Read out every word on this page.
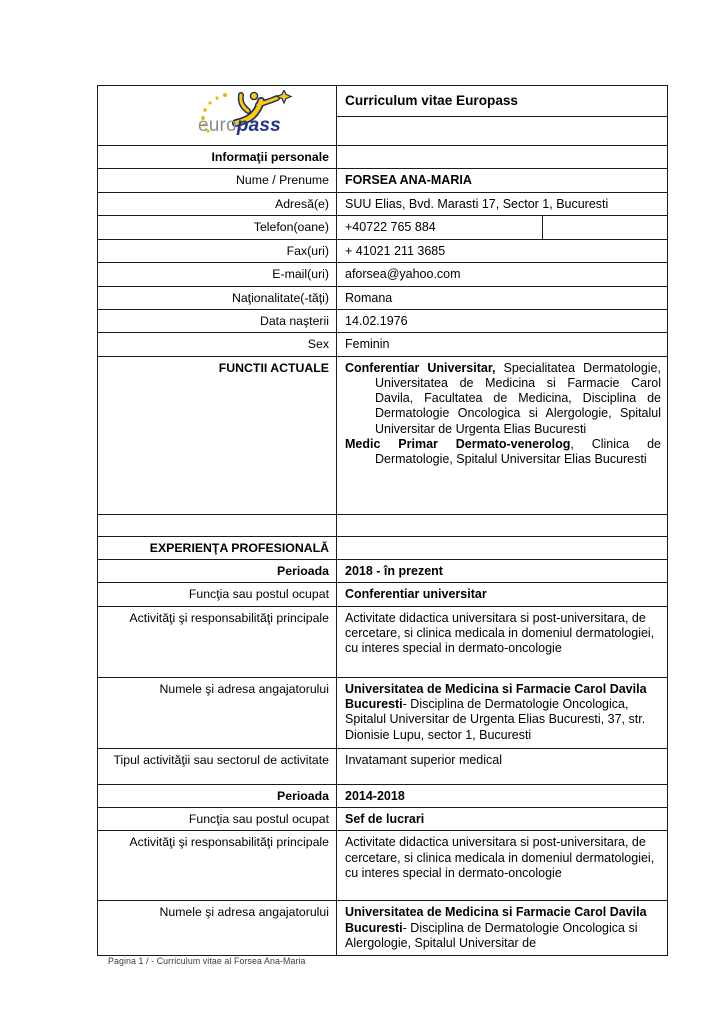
europass
Curriculum vitae Europass
Informaţii personale
Nume / Prenume	FORSEA ANA-MARIA
Adresă(e)	SUU Elias, Bvd. Marasti 17, Sector 1, Bucuresti
Telefon(oane)	+40722 765 884
Fax(uri)	+ 41021 211 3685
E-mail(uri)	aforsea@yahoo.com
Naţionalitate(-tăţi)	Romana
Data naşterii	14.02.1976
Sex	Feminin
FUNCTII ACTUALE	Conferentiar Universitar, Specialitatea Dermatologie, Universitatea de Medicina si Farmacie Carol Davila, Facultatea de Medicina, Disciplina de Dermatologie Oncologica si Alergologie, Spitalul Universitar de Urgenta Elias Bucuresti

Medic Primar Dermato-venerolog, Clinica de Dermatologie, Spitalul Universitar Elias Bucuresti

EXPERIENŢA PROFESIONALĂ
Perioada	2018 - în prezent
Funcţia sau postul ocupat	Conferentiar universitar
Activităţi şi responsabilităţi principale	Activitate didactica universitara si post-universitara, de cercetare, si clinica medicala in domeniul dermatologiei, cu interes special in dermato-oncologie
Numele şi adresa angajatorului	Universitatea de Medicina si Farmacie Carol Davila Bucuresti- Disciplina de Dermatologie Oncologica, Spitalul Universitar de Urgenta Elias Bucuresti, 37, str. Dionisie Lupu, sector 1, Bucuresti
Tipul activităţii sau sectorul de activitate	Invatamant superior medical
Perioada	2014-2018
Funcţia sau postul ocupat	Sef de lucrari
Activităţi şi responsabilităţi principale	Activitate didactica universitara si post-universitara, de cercetare, si clinica medicala in domeniul dermatologiei, cu interes special in dermato-oncologie
Numele şi adresa angajatorului	Universitatea de Medicina si Farmacie Carol Davila Bucuresti- Disciplina de Dermatologie Oncologica si Alergologie, Spitalul Universitar de
Pagina 1 / - Curriculum vitae al Forsea Ana-Maria
